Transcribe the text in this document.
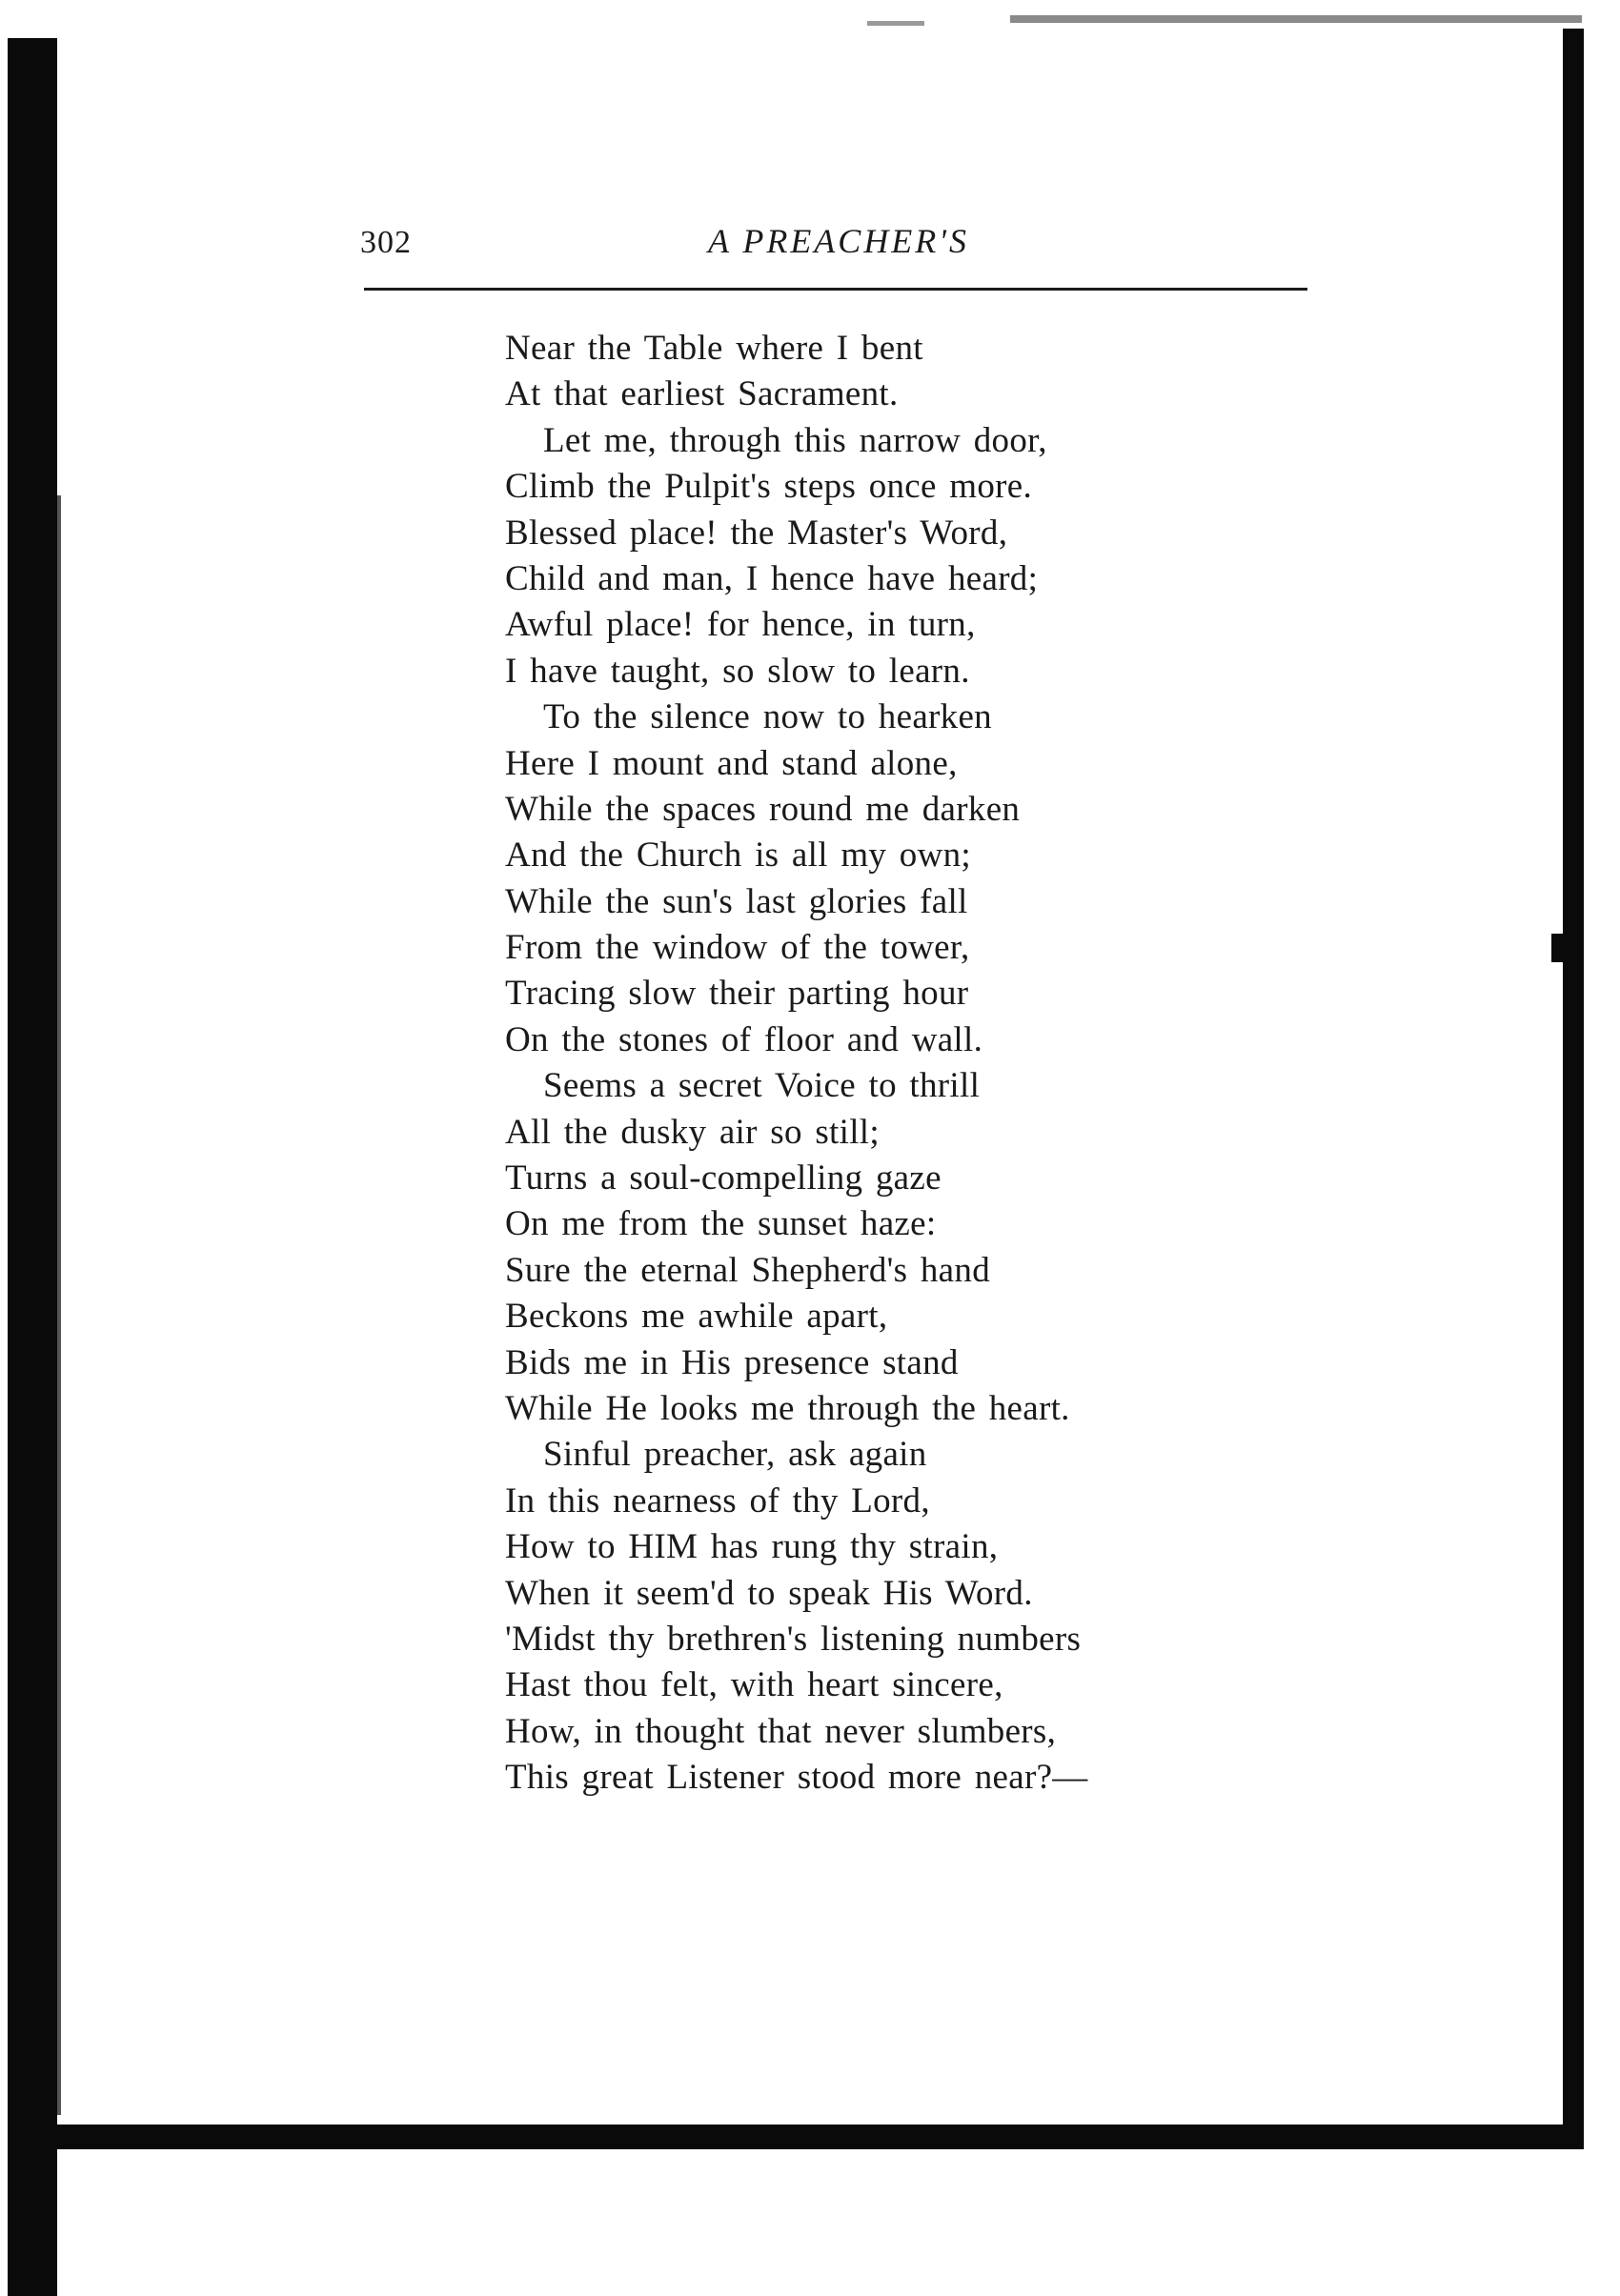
302	A PREACHER'S
Near the Table where I bent
At that earliest Sacrament.
Let me, through this narrow door,
Climb the Pulpit's steps once more.
Blessed place! the Master's Word,
Child and man, I hence have heard;
Awful place! for hence, in turn,
I have taught, so slow to learn.
To the silence now to hearken
Here I mount and stand alone,
While the spaces round me darken
And the Church is all my own;
While the sun's last glories fall
From the window of the tower,
Tracing slow their parting hour
On the stones of floor and wall.
Seems a secret Voice to thrill
All the dusky air so still;
Turns a soul-compelling gaze
On me from the sunset haze:
Sure the eternal Shepherd's hand
Beckons me awhile apart,
Bids me in His presence stand
While He looks me through the heart.
Sinful preacher, ask again
In this nearness of thy Lord,
How to HIM has rung thy strain,
When it seem'd to speak His Word.
'Midst thy brethren's listening numbers
Hast thou felt, with heart sincere,
How, in thought that never slumbers,
This great Listener stood more near?—
